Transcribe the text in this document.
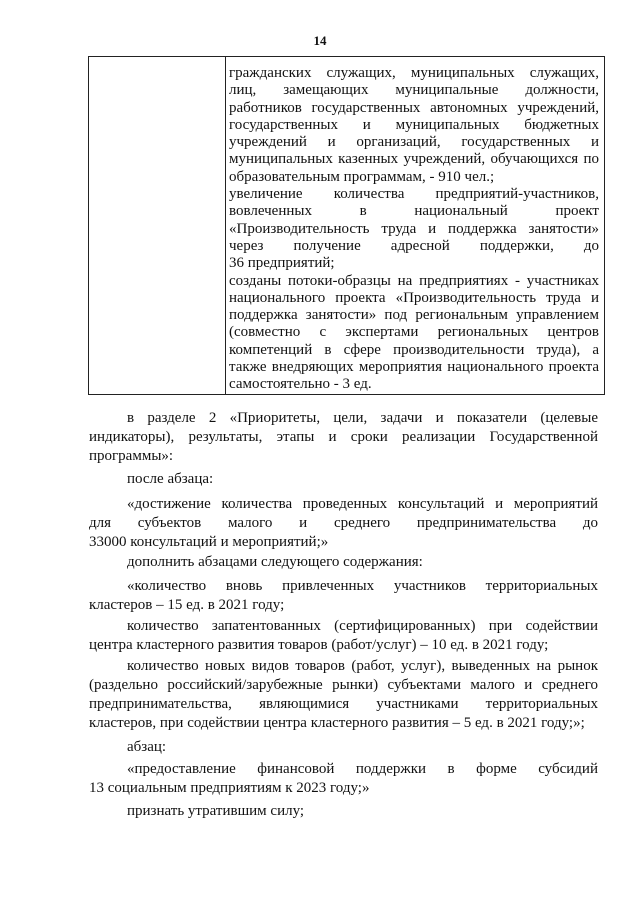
14
гражданских служащих, муниципальных служащих,
лиц, замещающих муниципальные должности,
работников государственных автономных учреждений,
государственных и муниципальных бюджетных
учреждений и организаций, государственных и
муниципальных казенных учреждений, обучающихся по
образовательным программам, - 910 чел.;
увеличение количества предприятий-участников,
вовлеченных в национальный проект
«Производительность труда и поддержка занятости»
через получение адресной поддержки, до
36 предприятий;
созданы потоки-образцы на предприятиях - участниках
национального проекта «Производительность труда и
поддержка занятости» под региональным управлением
(совместно с экспертами региональных центров
компетенций в сфере производительности труда), а
также внедряющих мероприятия национального проекта
самостоятельно - 3 ед.
в разделе 2 «Приоритеты, цели, задачи и показатели (целевые
индикаторы), результаты, этапы и сроки реализации Государственной
программы»:
после абзаца:
«достижение количества проведенных консультаций и мероприятий
для субъектов малого и среднего предпринимательства до
33000 консультаций и мероприятий;»
дополнить абзацами следующего содержания:
«количество вновь привлеченных участников территориальных
кластеров – 15 ед. в 2021 году;
количество запатентованных (сертифицированных) при содействии
центра кластерного развития товаров (работ/услуг) – 10 ед. в 2021 году;
количество новых видов товаров (работ, услуг), выведенных на рынок
(раздельно российский/зарубежные рынки) субъектами малого и среднего
предпринимательства, являющимися участниками территориальных
кластеров, при содействии центра кластерного развития – 5 ед. в 2021 году;»;
абзац:
«предоставление финансовой поддержки в форме субсидий
13 социальным предприятиям к 2023 году;»
признать утратившим силу;
